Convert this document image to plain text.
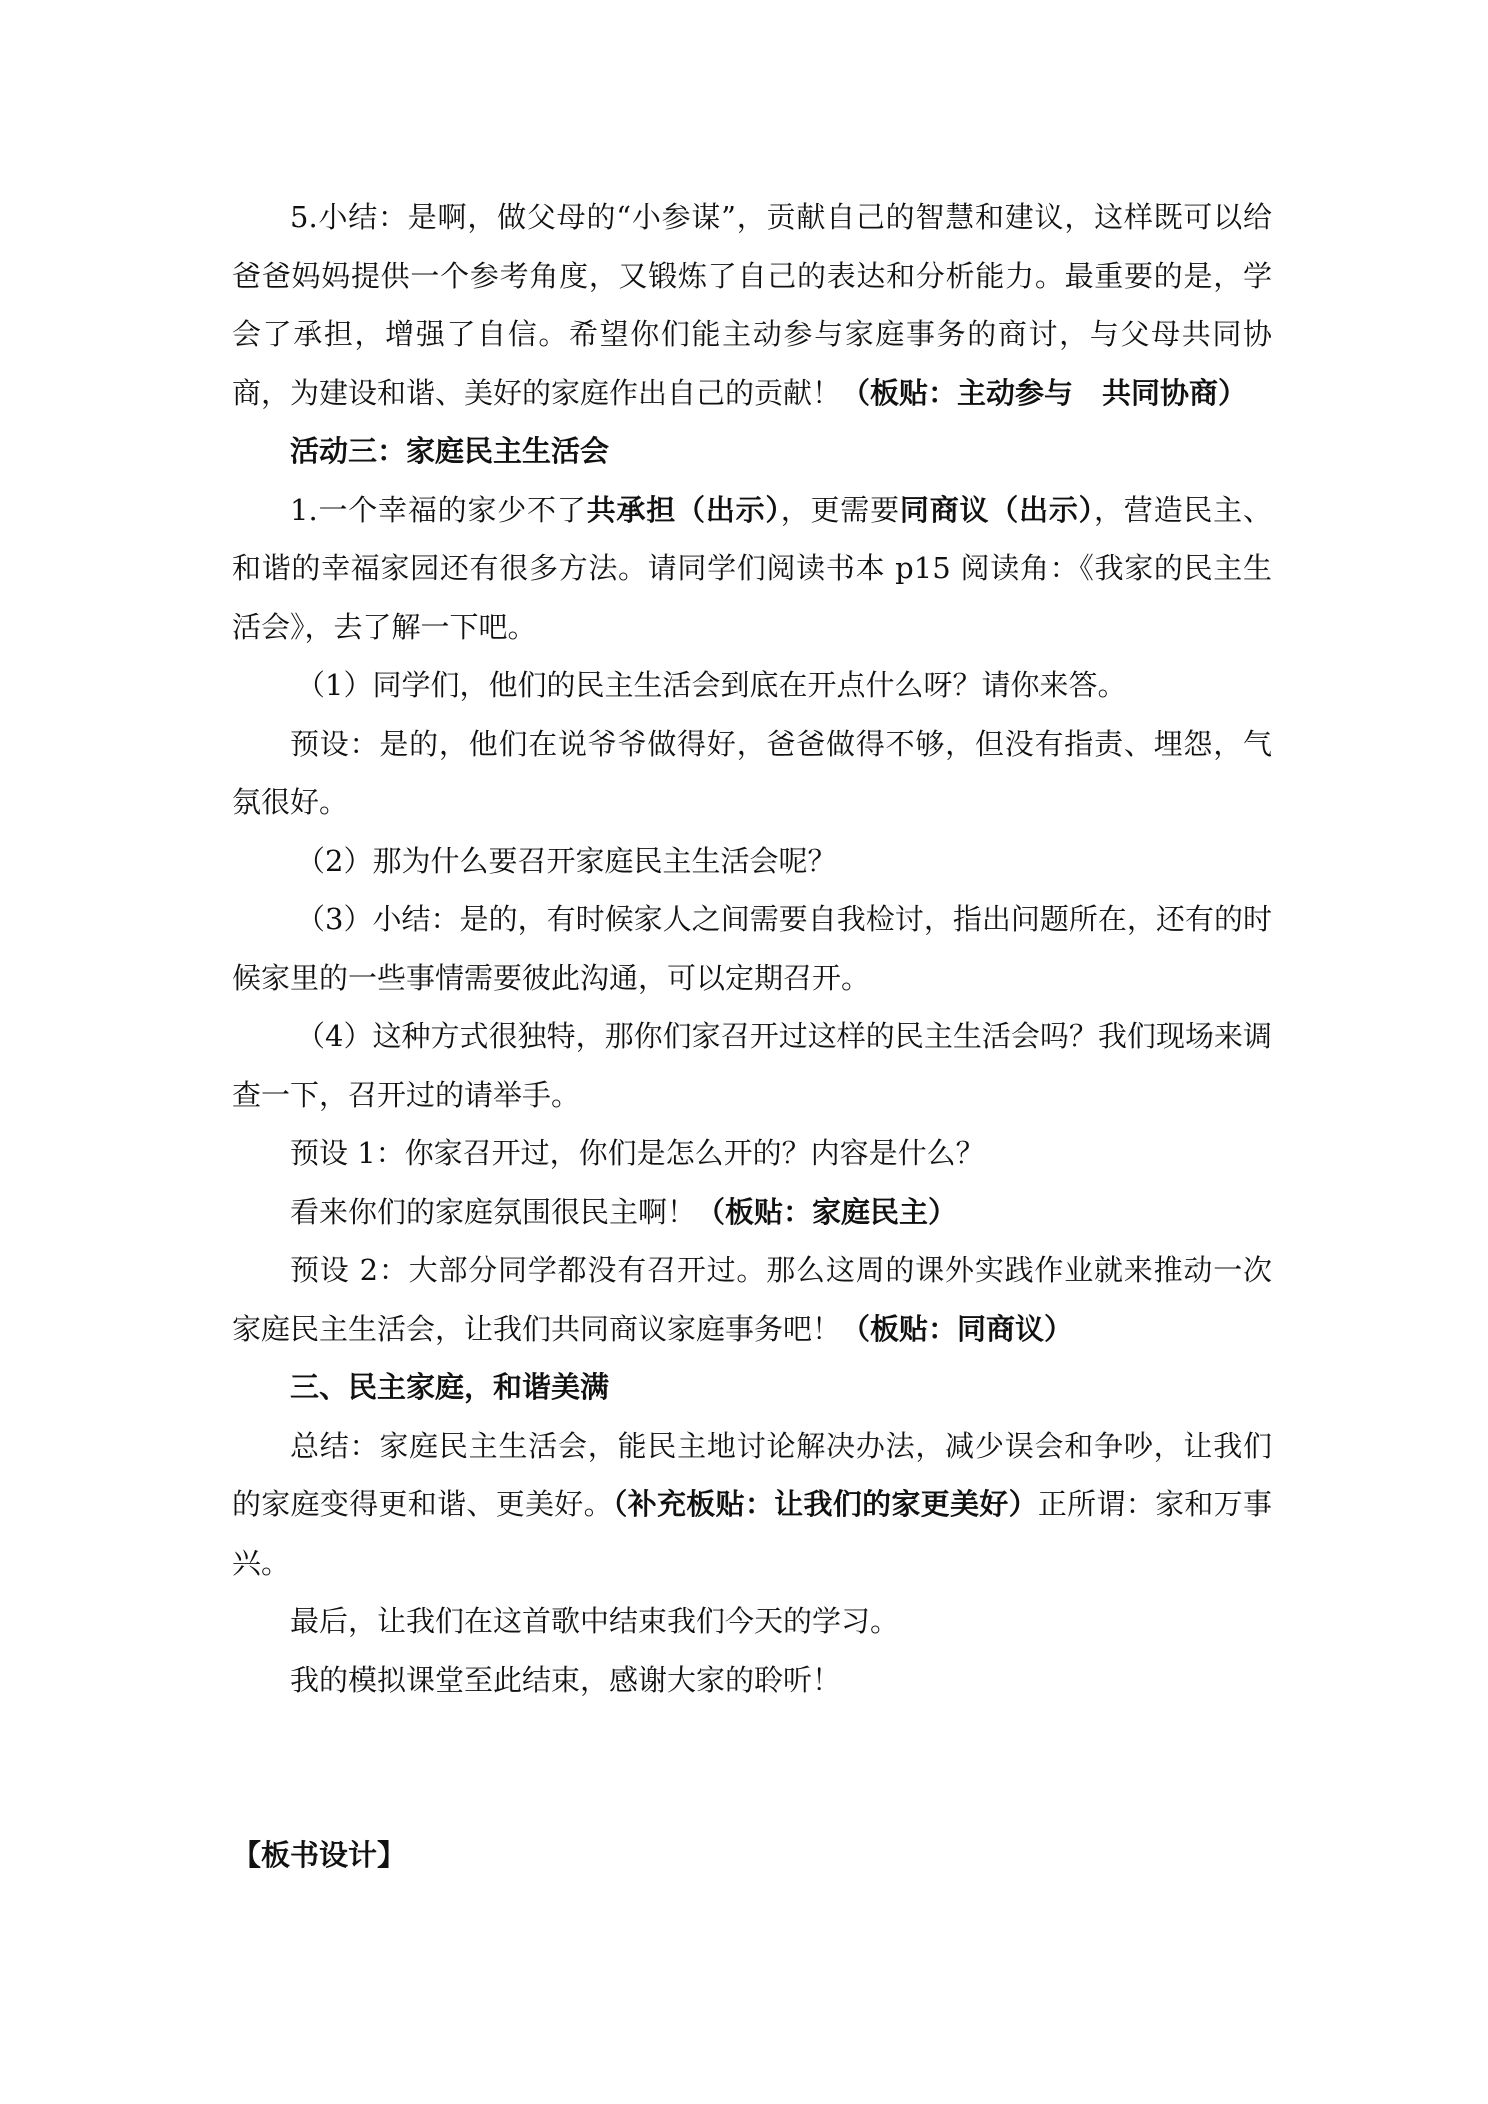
5.小结：是啊，做父母的“小参谋”，贡献自己的智慧和建议，这样既可以给爸爸妈妈提供一个参考角度，又锻炼了自己的表达和分析能力。最重要的是，学会了承担，增强了自信。希望你们能主动参与家庭事务的商讨，与父母共同协商，为建设和谐、美好的家庭作出自己的贡献！（板贴：主动参与　共同协商）

活动三：家庭民主生活会

1.一个幸福的家少不了共承担（出示），更需要同商议（出示），营造民主、和谐的幸福家园还有很多方法。请同学们阅读书本 p15 阅读角：《我家的民主生活会》，去了解一下吧。

（1）同学们，他们的民主生活会到底在开点什么呀？请你来答。

预设：是的，他们在说爷爷做得好，爸爸做得不够，但没有指责、埋怨，气氛很好。

（2）那为什么要召开家庭民主生活会呢？

（3）小结：是的，有时候家人之间需要自我检讨，指出问题所在，还有的时候家里的一些事情需要彼此沟通，可以定期召开。

（4）这种方式很独特，那你们家召开过这样的民主生活会吗？我们现场来调查一下，召开过的请举手。

预设 1：你家召开过，你们是怎么开的？内容是什么？

看来你们的家庭氛围很民主啊！（板贴：家庭民主）

预设 2：大部分同学都没有召开过。那么这周的课外实践作业就来推动一次家庭民主生活会，让我们共同商议家庭事务吧！（板贴：同商议）

三、民主家庭，和谐美满

总结：家庭民主生活会，能民主地讨论解决办法，减少误会和争吵，让我们的家庭变得更和谐、更美好。（补充板贴：让我们的家更美好）正所谓：家和万事兴。

最后，让我们在这首歌中结束我们今天的学习。

我的模拟课堂至此结束，感谢大家的聆听！

【板书设计】
